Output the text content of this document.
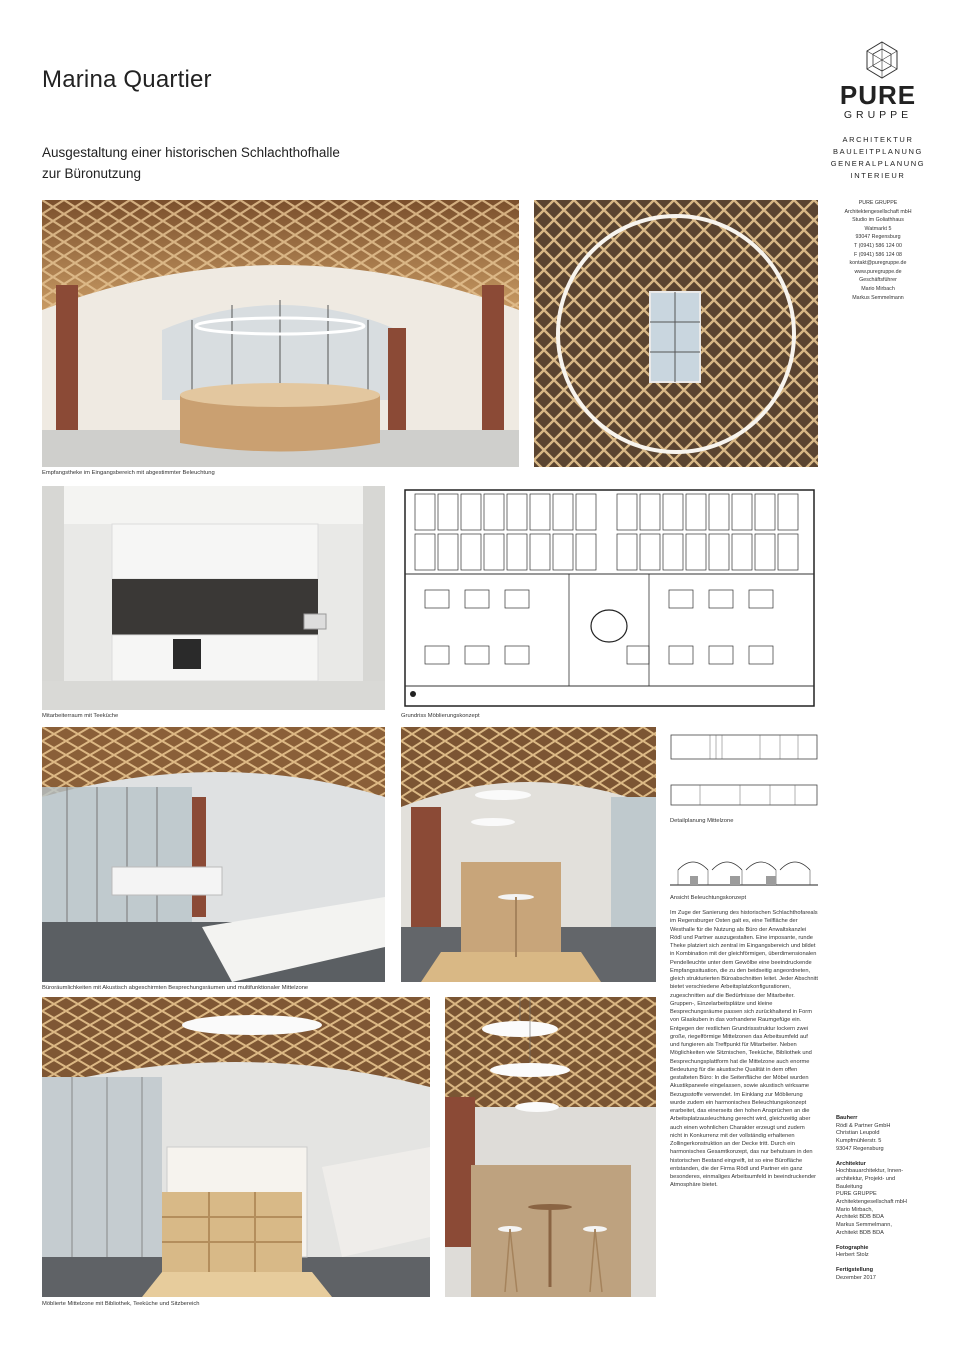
Marina Quartier
Ausgestaltung einer historischen Schlachthofhalle
zur Büronutzung
PURE
GRUPPE
ARCHITEKTUR
BAULEITPLANUNG
GENERALPLANUNG
INTERIEUR
PURE GRUPPE
Architektengesellschaft mbH
Studio im Goliathhaus
Watmarkt 5
93047 Regensburg
T (0941) 586 124 00
F (0941) 586 124 08
kontakt@puregruppe.de
www.puregruppe.de
Geschäftsführer
Mario Mirbach
Markus Semmelmann
Empfangstheke im Eingangsbereich mit abgestimmter Beleuchtung
Mitarbeiterraum mit Teeküche	Grundriss Möblierungskonzept
Büroräumlichkeiten mit Akustisch abgeschirmten Besprechungsräumen und multifunktionaler Mittelzone
Detailplanung Mittelzone
Ansicht Beleuchtungskonzept
Im Zuge der Sanierung des historischen Schlachthofareals im Regensburger Osten galt es, eine Teilfläche der Westhalle für die Nutzung als Büro der Anwaltskanzlei Rödl und Partner auszugestalten. Eine imposante, runde Theke platziert sich zentral im Eingangsbereich und bildet in Kombination mit der gleichförmigen, überdimensionalen Pendelleuchte unter dem Gewölbe eine beeindruckende Empfangssituation, die zu den beidseitig angeordneten, gleich strukturierten Büroabschnitten leitet. Jeder Abschnitt bietet verschiedene Arbeitsplatzkonfigurationen, zugeschnitten auf die Bedürfnisse der Mitarbeiter. Gruppen-, Einzelarbeitsplätze und kleine Besprechungsräume passen sich zurückhaltend in Form von Glaskuben in das vorhandene Raumgefüge ein. Entgegen der restlichen Grundrissstruktur lockern zwei große, riegelförmige Mittelzonen das Arbeitsumfeld auf und fungieren als Treffpunkt für Mitarbeiter. Neben Möglichkeiten wie Sitznischen, Teeküche, Bibliothek und Besprechungsplattform hat die Mittelzone auch enorme Bedeutung für die akustische Qualität in dem offen gestalteten Büro: In die Seitenfläche der Möbel wurden Akustikpaneele eingelassen, sowie akustisch wirksame Bezugsstoffe verwendet. Im Einklang zur Möblierung wurde zudem ein harmonisches Beleuchtungskonzept erarbeitet, das einerseits den hohen Ansprüchen an die Arbeitsplatzausleuchtung gerecht wird, gleichzeitig aber auch einen wohnlichen Charakter erzeugt und zudem nicht in Konkurrenz mit der vollständig erhaltenen Zollingerkonstruktion an der Decke tritt. Durch ein harmonisches Gesamtkonzept, das nur behutsam in den historischen Bestand eingreift, ist so eine Bürofläche entstanden, die der Firma Rödl und Partner ein ganz besonderes, einmaliges Arbeitsumfeld in beeindruckender Atmosphäre bietet.
Möblierte Mittelzone mit Bibliothek, Teeküche und Sitzbereich
Bauherr
Rödl & Partner GmbH
Christian Leupold
Kumpfmühlerstr. 5
93047 Regensburg
Architektur
Hochbauarchitektur, Innen-
architektur, Projekt- und
Bauleitung
PURE GRUPPE
Architektengesellschaft mbH
Mario Mirbach,
Architekt BDB BDA
Markus Semmelmann,
Architekt BDB BDA
Fotographie
Herbert Stolz
Fertigstellung
Dezember 2017
